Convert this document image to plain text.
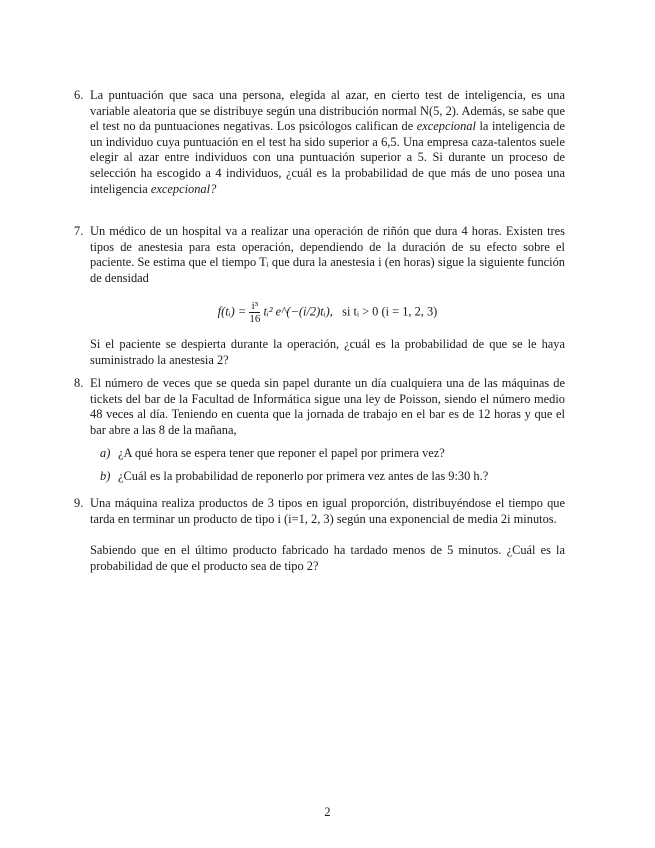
6. La puntuación que saca una persona, elegida al azar, en cierto test de inteligencia, es una variable aleatoria que se distribuye según una distribución normal N(5, 2). Además, se sabe que el test no da puntuaciones negativas. Los psicólogos califican de excepcional la inteligencia de un individuo cuya puntuación en el test ha sido superior a 6,5. Una empresa caza-talentos suele elegir al azar entre individuos con una puntuación superior a 5. Si durante un proceso de selección ha escogido a 4 individuos, ¿cuál es la probabilidad de que más de uno posea una inteligencia excepcional?
7. Un médico de un hospital va a realizar una operación de riñón que dura 4 horas. Existen tres tipos de anestesia para esta operación, dependiendo de la duración de su efecto sobre el paciente. Se estima que el tiempo Tᵢ que dura la anestesia i (en horas) sigue la siguiente función de densidad
f(tᵢ) = $\frac{\text{i³}}{16}$ tᵢ² e^(−(i/2)tᵢ), si tᵢ > 0 (i = 1, 2, 3)
Si el paciente se despierta durante la operación, ¿cuál es la probabilidad de que se le haya suministrado la anestesia 2?
8. El número de veces que se queda sin papel durante un día cualquiera una de las máquinas de tickets del bar de la Facultad de Informática sigue una ley de Poisson, siendo el número medio 48 veces al día. Teniendo en cuenta que la jornada de trabajo en el bar es de 12 horas y que el bar abre a las 8 de la mañana,
a) ¿A qué hora se espera tener que reponer el papel por primera vez?
b) ¿Cuál es la probabilidad de reponerlo por primera vez antes de las 9:30 h.?
9. Una máquina realiza productos de 3 tipos en igual proporción, distribuyéndose el tiempo que tarda en terminar un producto de tipo i (i=1, 2, 3) según una exponencial de media 2i minutos.
Sabiendo que en el último producto fabricado ha tardado menos de 5 minutos. ¿Cuál es la probabilidad de que el producto sea de tipo 2?
2
